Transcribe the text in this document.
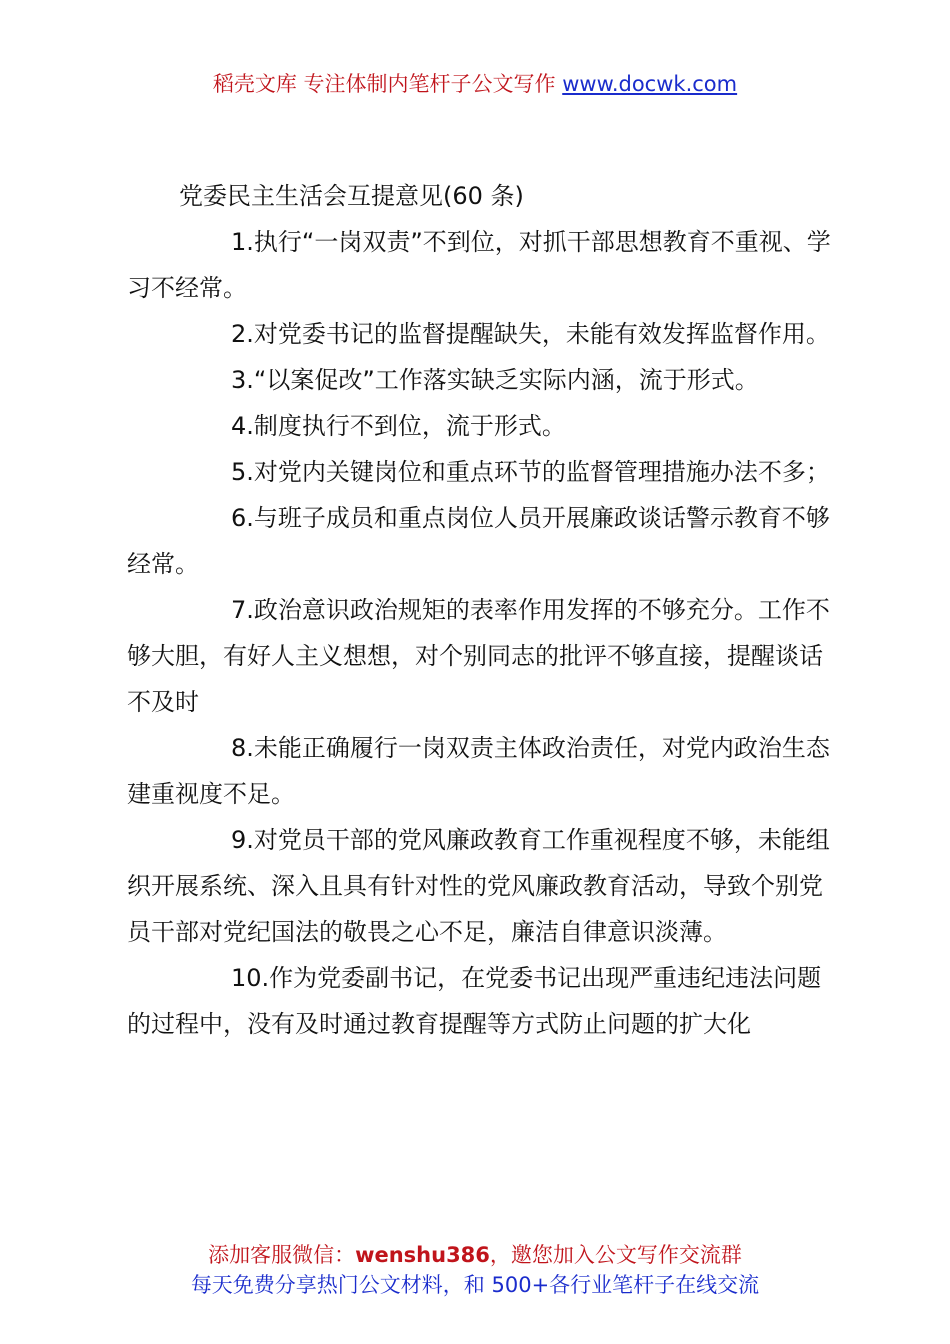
稻壳文库 专注体制内笔杆子公文写作 www.docwk.com
党委民主生活会互提意见(60 条)

1.执行“一岗双责”不到位，对抓干部思想教育不重视、学习不经常。

2.对党委书记的监督提醒缺失，未能有效发挥监督作用。

3.“以案促改”工作落实缺乏实际内涵，流于形式。

4.制度执行不到位，流于形式。

5.对党内关键岗位和重点环节的监督管理措施办法不多；

6.与班子成员和重点岗位人员开展廉政谈话警示教育不够经常。

7.政治意识政治规矩的表率作用发挥的不够充分。工作不够大胆，有好人主义想想，对个别同志的批评不够直接，提醒谈话不及时

8.未能正确履行一岗双责主体政治责任，对党内政治生态建重视度不足。

9.对党员干部的党风廉政教育工作重视程度不够，未能组织开展系统、深入且具有针对性的党风廉政教育活动，导致个别党员干部对党纪国法的敬畏之心不足，廉洁自律意识淡薄。

10.作为党委副书记，在党委书记出现严重违纪违法问题的过程中，没有及时通过教育提醒等方式防止问题的扩大化

添加客服微信：wenshu386，邀您加入公文写作交流群
每天免费分享热门公文材料，和 500+各行业笔杆子在线交流
